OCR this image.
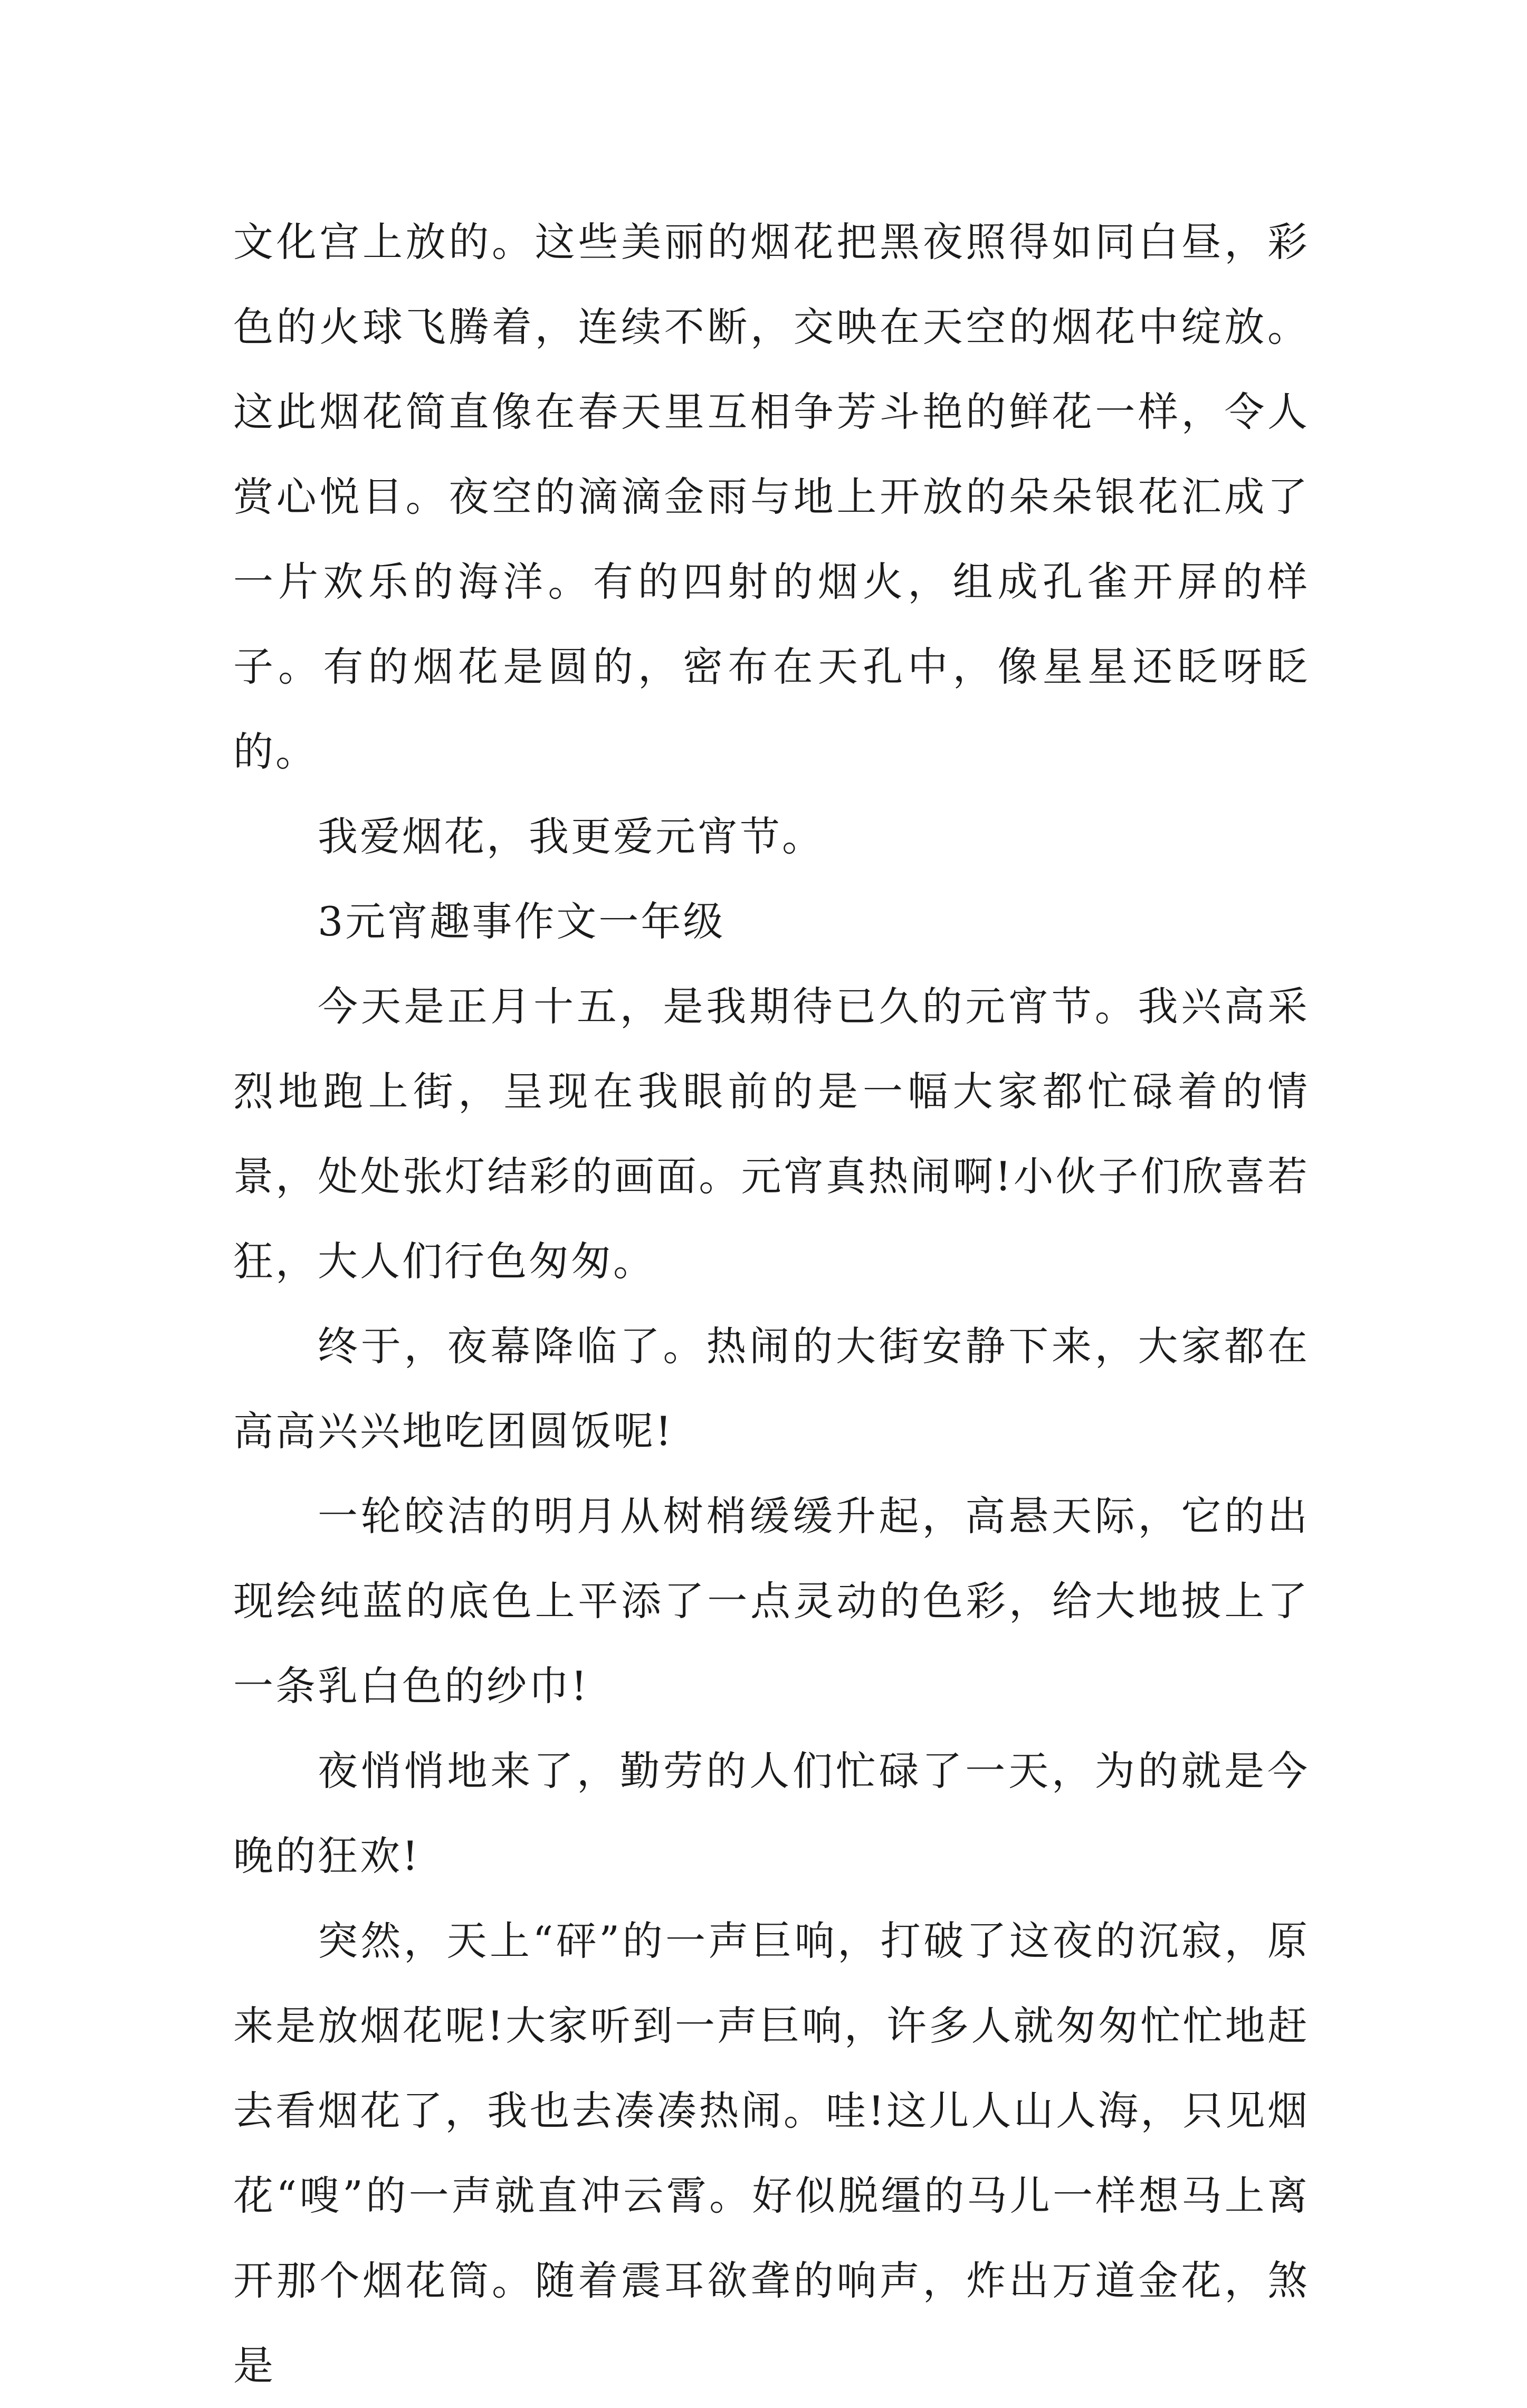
文化宫上放的。这些美丽的烟花把黑夜照得如同白昼，彩色的火球飞腾着，连续不断，交映在天空的烟花中绽放。这此烟花简直像在春天里互相争芳斗艳的鲜花一样，令人赏心悦目。夜空的滴滴金雨与地上开放的朵朵银花汇成了一片欢乐的海洋。有的四射的烟火，组成孔雀开屏的样子。有的烟花是圆的，密布在天孔中，像星星还眨呀眨的。

我爱烟花，我更爱元宵节。

3元宵趣事作文一年级

今天是正月十五，是我期待已久的元宵节。我兴高采烈地跑上街，呈现在我眼前的是一幅大家都忙碌着的情景，处处张灯结彩的画面。元宵真热闹啊!小伙子们欣喜若狂，大人们行色匆匆。

终于，夜幕降临了。热闹的大街安静下来，大家都在高高兴兴地吃团圆饭呢!

一轮皎洁的明月从树梢缓缓升起，高悬天际，它的出现绘纯蓝的底色上平添了一点灵动的色彩，给大地披上了一条乳白色的纱巾!

夜悄悄地来了，勤劳的人们忙碌了一天，为的就是今晚的狂欢!

突然，天上“砰”的一声巨响，打破了这夜的沉寂，原来是放烟花呢!大家听到一声巨响，许多人就匆匆忙忙地赶去看烟花了，我也去凑凑热闹。哇!这儿人山人海，只见烟花“嗖”的一声就直冲云霄。好似脱缰的马儿一样想马上离开那个烟花筒。随着震耳欲聋的响声，炸出万道金花，煞是
